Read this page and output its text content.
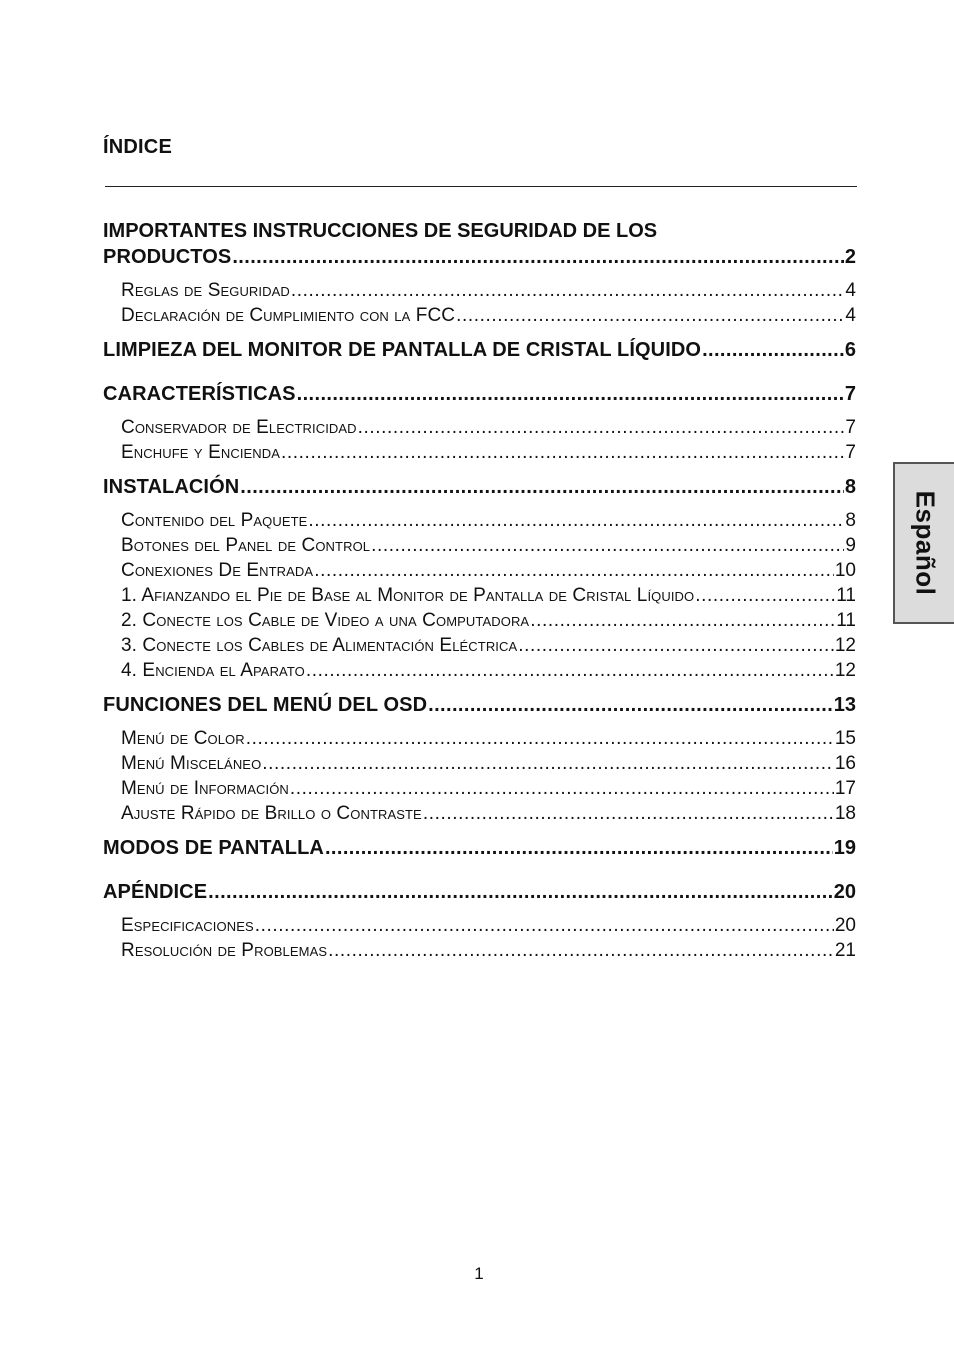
ÍNDICE
IMPORTANTES INSTRUCCIONES DE SEGURIDAD DE LOS
PRODUCTOS .....	2
Reglas de Seguridad .....	4
Declaración de Cumplimiento con la FCC .....	4
LIMPIEZA DEL MONITOR DE PANTALLA DE CRISTAL LÍQUIDO .....	6
CARACTERÍSTICAS .....	7
Conservador de Electricidad .....	7
Enchufe y Encienda .....	7
INSTALACIÓN .....	8
Contenido del Paquete .....	8
Botones del Panel de Control .....	9
Conexiones De Entrada .....	10
1. Afianzando el Pie de Base al Monitor de Pantalla de Cristal Líquido .....	11
2. Conecte los Cable de Video a una Computadora .....	11
3. Conecte los Cables de Alimentación Eléctrica .....	12
4. Encienda el Aparato .....	12
FUNCIONES DEL MENÚ DEL OSD .....	13
Menú de Color .....	15
Menú Misceláneo .....	16
Menú de Información .....	17
Ajuste Rápido de Brillo o Contraste .....	18
MODOS DE PANTALLA .....	19
APÉNDICE .....	20
Especificaciones .....	20
Resolución de Problemas .....	21
Español
1
